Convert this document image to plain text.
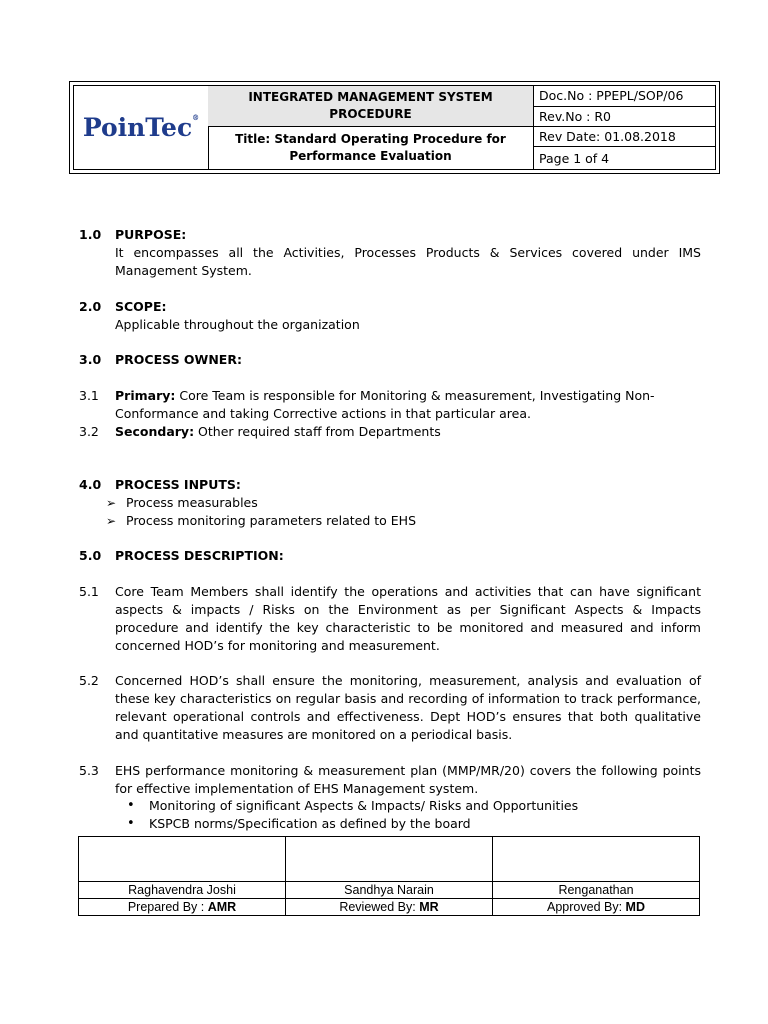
PoinTec®
INTEGRATED MANAGEMENT SYSTEM PROCEDURE
Title: Standard Operating Procedure for
Performance Evaluation
Doc.No : PPEPL/SOP/06
Rev.No : R0
Rev Date: 01.08.2018
Page 1 of 4
1.0 PURPOSE:
It encompasses all the Activities, Processes Products & Services covered under IMS Management System.
2.0 SCOPE:
Applicable throughout the organization
3.0 PROCESS OWNER:
3.1 Primary: Core Team is responsible for Monitoring & measurement, Investigating Non-
Conformance and taking Corrective actions in that particular area.
3.2 Secondary: Other required staff from Departments
4.0 PROCESS INPUTS:
➢ Process measurables
➢ Process monitoring parameters related to EHS
5.0 PROCESS DESCRIPTION:
5.1 Core Team Members shall identify the operations and activities that can have significant aspects & impacts / Risks on the Environment as per Significant Aspects & Impacts procedure and identify the key characteristic to be monitored and measured and inform concerned HOD’s for monitoring and measurement.
5.2 Concerned HOD’s shall ensure the monitoring, measurement, analysis and evaluation of these key characteristics on regular basis and recording of information to track performance, relevant operational controls and effectiveness. Dept HOD’s ensures that both qualitative and quantitative measures are monitored on a periodical basis.
5.3 EHS performance monitoring & measurement plan (MMP/MR/20) covers the following points for effective implementation of EHS Management system.
• Monitoring of significant Aspects & Impacts/ Risks and Opportunities
• KSPCB norms/Specification as defined by the board

Raghavendra Joshi	Sandhya Narain	Renganathan
Prepared By : AMR	Reviewed By: MR	Approved By: MD
